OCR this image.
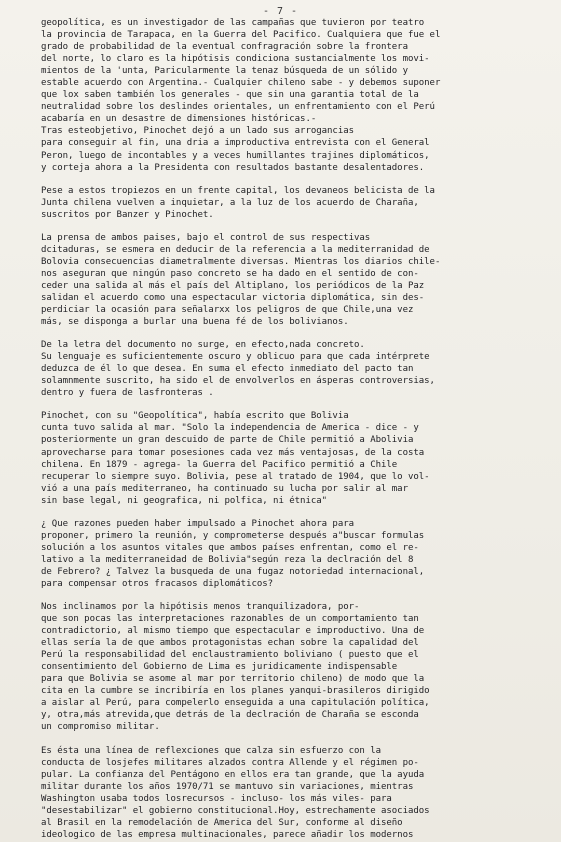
- 7 -

geopolítica, es un investigador de las campañas que tuvieron por teatro
la provincia de Tarapaca, en la Guerra del Pacifico. Cualquiera que fue el
grado de probabilidad de la eventual confragración sobre la frontera
del norte, lo claro es la hipótisis condiciona sustancialmente los movi-
mientos de la 'unta, Paricularmente la tenaz búsqueda de un sólido y
estable acuerdo con Argentina.- Cualquier chileno sabe - y debemos suponer
que lox saben también los generales - que sin una garantia total de la
neutralidad sobre los deslindes orientales, un enfrentamiento con el Perú
acabaría en un desastre de dimensiones históricas.-

Tras esteobjetivo, Pinochet dejó a un lado sus arrogancias
para conseguir al fin, una dria a improductiva entrevista con el General
Peron, luego de incontables y a veces humillantes trajines diplomáticos,
y corteja ahora a la Presidenta con resultados bastante desalentadores.

Pese a estos tropiezos en un frente capital, los devaneos belicista de la
Junta chilena vuelven a inquietar, a la luz de los acuerdo de Charaña,
suscritos por Banzer y Pinochet.

La prensa de ambos paises, bajo el control de sus respectivas
dcitaduras, se esmera en deducir de la referencia a la mediterranidad de
Bolovia consecuencias diametralmente diversas. Mientras los diarios chile-
nos aseguran que ningún paso concreto se ha dado en el sentido de con-
ceder una salida al más el país del Altiplano, los periódicos de la Paz
salidan el acuerdo como una espectacular victoria diplomática, sin des-
perdiciar la ocasión para señalarxx los peligros de que Chile,una vez
más, se disponga a burlar una buena fé de los bolivianos.

De la letra del documento no surge, en efecto,nada concreto.
Su lenguaje es suficientemente oscuro y oblicuo para que cada intérprete
deduzca de él lo que desea. En suma el efecto inmediato del pacto tan
solamnmente suscrito, ha sido el de envolverlos en ásperas controversias,
dentro y fuera de lasfronteras .

Pinochet, con su "Geopolítica", había escrito que Bolivia
cunta tuvo salida al mar. "Solo la independencia de America - dice - y
posteriormente un gran descuido de parte de Chile permitió a Abolivia
aprovecharse para tomar posesiones cada vez más ventajosas, de la costa
chilena. En 1879 - agrega- la Guerra del Pacifico permitió a Chile
recuperar lo siempre suyo. Bolivia, pese al tratado de 1904, que lo vol-
vió a una país mediterraneo, ha continuado su lucha por salir al mar
sin base legal, ni geografica, ni polfica, ni étnica"

¿ Que razones pueden haber impulsado a Pinochet ahora para
proponer, primero la reunión, y comprometerse después a"buscar formulas
solución a los asuntos vitales que ambos países enfrentan, como el re-
lativo a la mediterraneidad de Bolivia"según reza la declración del 8
de Febrero? ¿ Talvez la busqueda de una fugaz notoriedad internacional,
para compensar otros fracasos diplomáticos?

Nos inclinamos por la hipótisis menos tranquilizadora, por-
que son pocas las interpretaciones razonables de un comportamiento tan
contradictorio, al mismo tiempo que espectacular e improductivo. Una de
ellas sería la de que ambos protagonistas echan sobre la capalidad del
Perú la responsabilidad del enclaustramiento boliviano ( puesto que el
consentimiento del Gobierno de Lima es juridicamente indispensable
para que Bolivia se asome al mar por territorio chileno) de modo que la
cita en la cumbre se incribiría en los planes yanqui-brasileros dirigido
a aislar al Perú, para compelerlo enseguida a una capitulación política,
y, otra,más atrevida,que detrás de la declración de Charaña se esconda
un compromiso militar.

Es ésta una línea de reflexciones que calza sin esfuerzo con la
conducta de losjefes militares alzados contra Allende y el régimen po-
pular. La confianza del Pentágono en ellos era tan grande, que la ayuda
militar durante los años 1970/71 se mantuvo sin variaciones, mientras
Washington usaba todos losrecursos - incluso- los más viles- para
"desestabilizar" el gobierno constitucional.Hoy, estrechamente asociados
al Brasil en la remodelación de America del Sur, conforme al diseño
ideologico de las empresa multinacionales, parece añadir los modernos
